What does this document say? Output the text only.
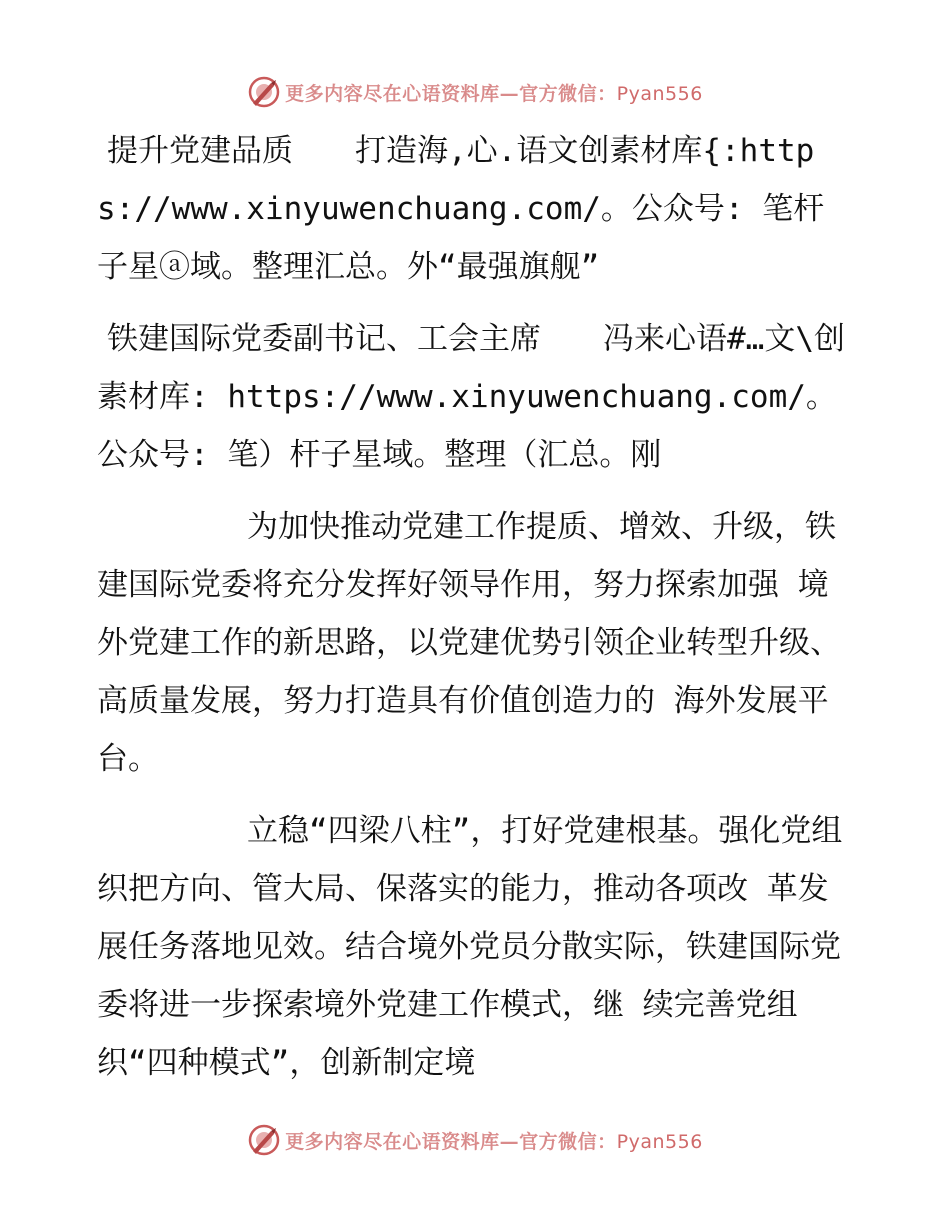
更多内容尽在心语资料库—官方微信：Pyan556

提升党建品质　　打造海,心.语文创素材库{:https://www.xinyuwenchuang.com/。公众号: 笔杆子星ⓐ域。整理汇总。外“最强旗舰”

铁建国际党委副书记、工会主席　　冯来心语#…文\创素材库: https://www.xinyuwenchuang.com/。公众号: 笔）杆子星域。整理（汇总。刚

为加快推动党建工作提质、增效、升级，铁建国际党委将充分发挥好领导作用，努力探索加强 境外党建工作的新思路，以党建优势引领企业转型升级、高质量发展，努力打造具有价值创造力的 海外发展平台。

立稳“四梁八柱”，打好党建根基。强化党组织把方向、管大局、保落实的能力，推动各项改 革发展任务落地见效。结合境外党员分散实际，铁建国际党委将进一步探索境外党建工作模式，继 续完善党组织“四种模式”，创新制定境

更多内容尽在心语资料库—官方微信：Pyan556
